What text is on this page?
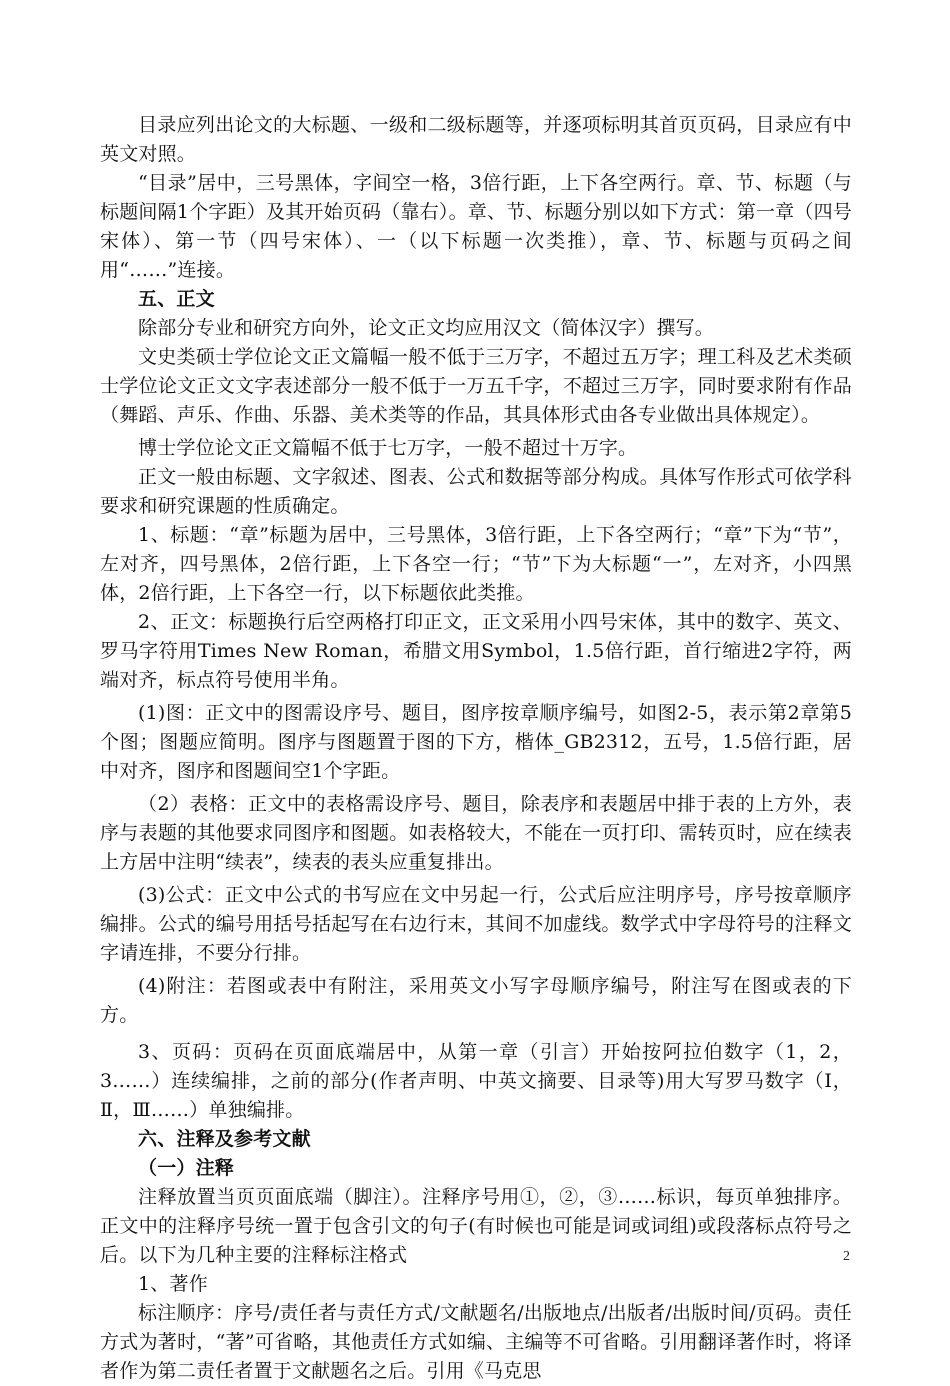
目录应列出论文的大标题、一级和二级标题等，并逐项标明其首页页码，目录应有中英文对照。

“目录”居中，三号黑体，字间空一格，3倍行距，上下各空两行。章、节、标题（与标题间隔1个字距）及其开始页码（靠右）。章、节、标题分别以如下方式：第一章（四号宋体）、第一节（四号宋体）、一（以下标题一次类推），章、节、标题与页码之间用“……”连接。

五、正文

除部分专业和研究方向外，论文正文均应用汉文（简体汉字）撰写。

文史类硕士学位论文正文篇幅一般不低于三万字，不超过五万字；理工科及艺术类硕士学位论文正文文字表述部分一般不低于一万五千字，不超过三万字，同时要求附有作品（舞蹈、声乐、作曲、乐器、美术类等的作品，其具体形式由各专业做出具体规定）。

博士学位论文正文篇幅不低于七万字，一般不超过十万字。

正文一般由标题、文字叙述、图表、公式和数据等部分构成。具体写作形式可依学科要求和研究课题的性质确定。

1、标题：“章”标题为居中，三号黑体，3倍行距，上下各空两行；“章”下为“节”，左对齐，四号黑体，2倍行距，上下各空一行；“节”下为大标题“一”，左对齐，小四黑体，2倍行距，上下各空一行，以下标题依此类推。

2、正文：标题换行后空两格打印正文，正文采用小四号宋体，其中的数字、英文、罗马字符用Times New Roman，希腊文用Symbol，1.5倍行距，首行缩进2字符，两端对齐，标点符号使用半角。

(1)图：正文中的图需设序号、题目，图序按章顺序编号，如图2-5，表示第2章第5个图；图题应简明。图序与图题置于图的下方，楷体_GB2312，五号，1.5倍行距，居中对齐，图序和图题间空1个字距。

（2）表格：正文中的表格需设序号、题目，除表序和表题居中排于表的上方外，表序与表题的其他要求同图序和图题。如表格较大，不能在一页打印、需转页时，应在续表上方居中注明“续表”，续表的表头应重复排出。

(3)公式：正文中公式的书写应在文中另起一行，公式后应注明序号，序号按章顺序编排。公式的编号用括号括起写在右边行末，其间不加虚线。数学式中字母符号的注释文字请连排，不要分行排。

(4)附注：若图或表中有附注，采用英文小写字母顺序编号，附注写在图或表的下方。

3、页码：页码在页面底端居中，从第一章（引言）开始按阿拉伯数字（1，2，3……）连续编排，之前的部分(作者声明、中英文摘要、目录等)用大写罗马数字（Ⅰ，Ⅱ，Ⅲ……）单独编排。

六、注释及参考文献

（一）注释

注释放置当页页面底端（脚注）。注释序号用①，②，③……标识，每页单独排序。正文中的注释序号统一置于包含引文的句子(有时候也可能是词或词组)或段落标点符号之后。以下为几种主要的注释标注格式

1、著作

标注顺序：序号/责任者与责任方式/文献题名/出版地点/出版者/出版时间/页码。责任方式为著时，“著”可省略，其他责任方式如编、主编等不可省略。引用翻译著作时，将译者作为第二责任者置于文献题名之后。引用《马克思

2
